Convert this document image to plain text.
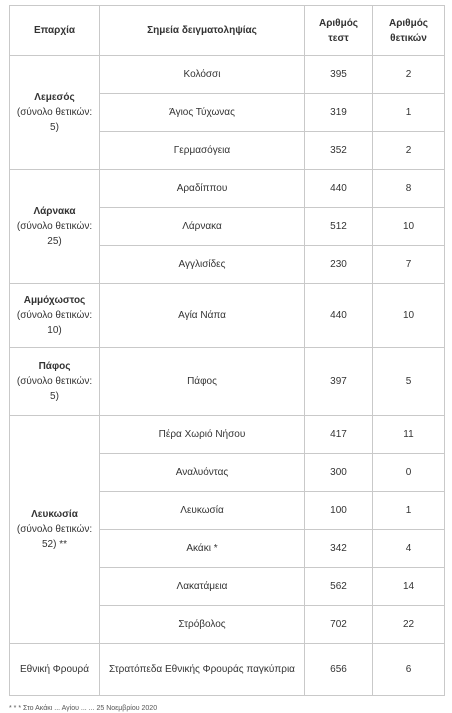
Επαρχία	Σημεία δειγματοληψίας	Αριθμός τεστ	Αριθμός θετικών

Λεμεσός
(σύνολο θετικών: 5)	Κολόσσι	395	2
	Άγιος Τύχωνας	319	1
	Γερμασόγεια	352	2

Λάρνακα
(σύνολο θετικών: 25)	Αραδίππου	440	8
	Λάρνακα	512	10
	Αγγλισίδες	230	7

Αμμόχωστος
(σύνολο θετικών: 10)	Αγία Νάπα	440	10

Πάφος
(σύνολο θετικών: 5)	Πάφος	397	5

Λευκωσία
(σύνολο θετικών: 52) **	Πέρα Χωριό Νήσου	417	11
	Αναλυόντας	300	0
	Λευκωσία	100	1
	Ακάκι *	342	4
	Λακατάμεια	562	14
	Στρόβολος	702	22
Εθνική Φρουρά	Στρατόπεδα Εθνικής Φρουράς παγκύπρια	656	6
* * * Στο Ακάκι ... Αγίου ... ... 25 Νοεμβρίου 2020
